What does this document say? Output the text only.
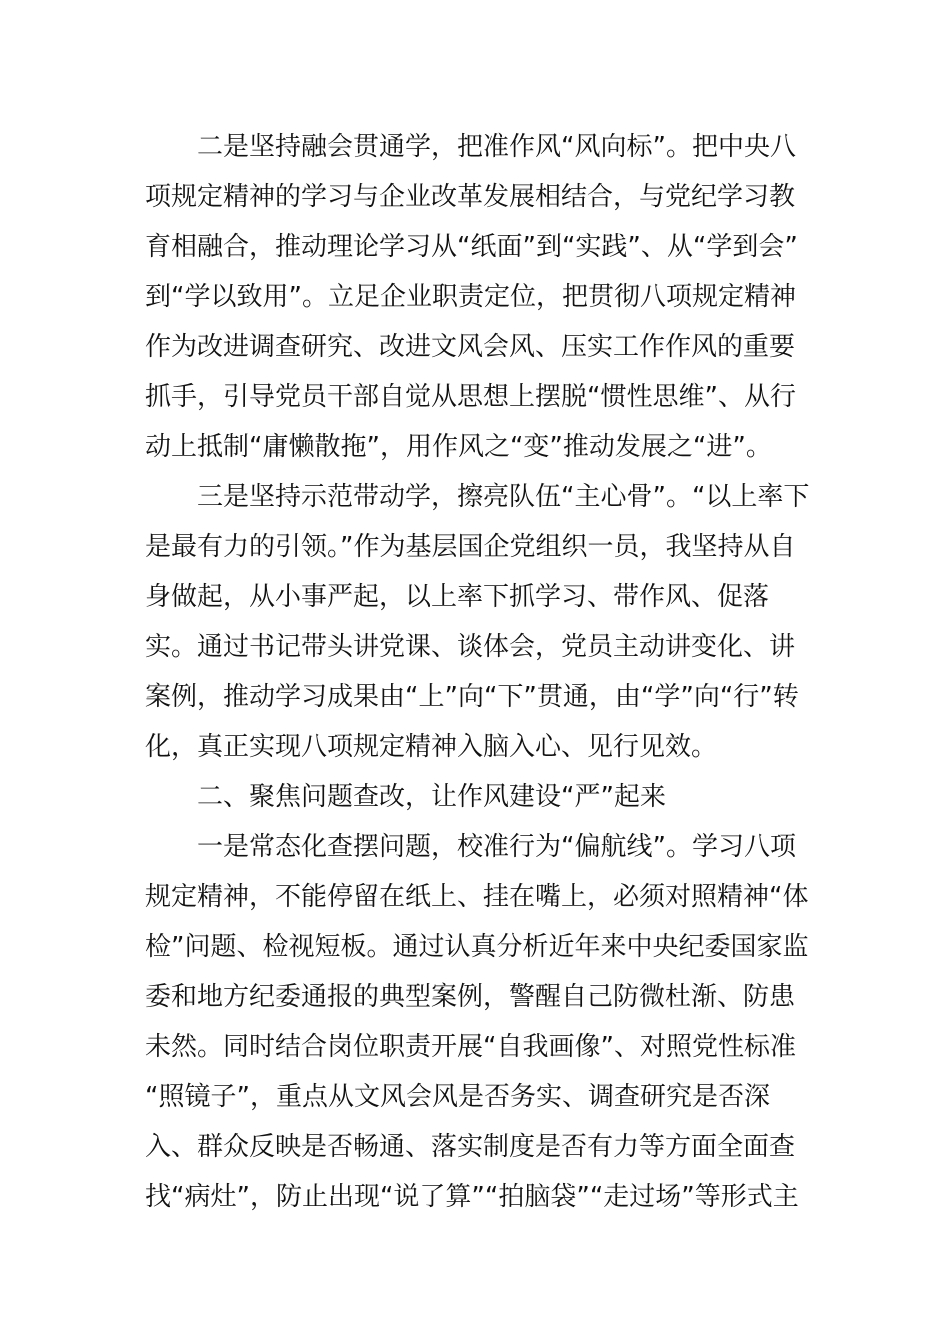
二是坚持融会贯通学，把准作风“风向标”。把中央八
项规定精神的学习与企业改革发展相结合，与党纪学习教
育相融合，推动理论学习从“纸面”到“实践”、从“学到会”
到“学以致用”。立足企业职责定位，把贯彻八项规定精神
作为改进调查研究、改进文风会风、压实工作作风的重要
抓手，引导党员干部自觉从思想上摆脱“惯性思维”、从行
动上抵制“庸懒散拖”，用作风之“变”推动发展之“进”。
三是坚持示范带动学，擦亮队伍“主心骨”。“以上率下
是最有力的引领。”作为基层国企党组织一员，我坚持从自
身做起，从小事严起，以上率下抓学习、带作风、促落
实。通过书记带头讲党课、谈体会，党员主动讲变化、讲
案例，推动学习成果由“上”向“下”贯通，由“学”向“行”转
化，真正实现八项规定精神入脑入心、见行见效。
二、聚焦问题查改，让作风建设“严”起来
一是常态化查摆问题，校准行为“偏航线”。学习八项
规定精神，不能停留在纸上、挂在嘴上，必须对照精神“体
检”问题、检视短板。通过认真分析近年来中央纪委国家监
委和地方纪委通报的典型案例，警醒自己防微杜渐、防患
未然。同时结合岗位职责开展“自我画像”、对照党性标准
“照镜子”，重点从文风会风是否务实、调查研究是否深
入、群众反映是否畅通、落实制度是否有力等方面全面查
找“病灶”，防止出现“说了算”“拍脑袋”“走过场”等形式主
